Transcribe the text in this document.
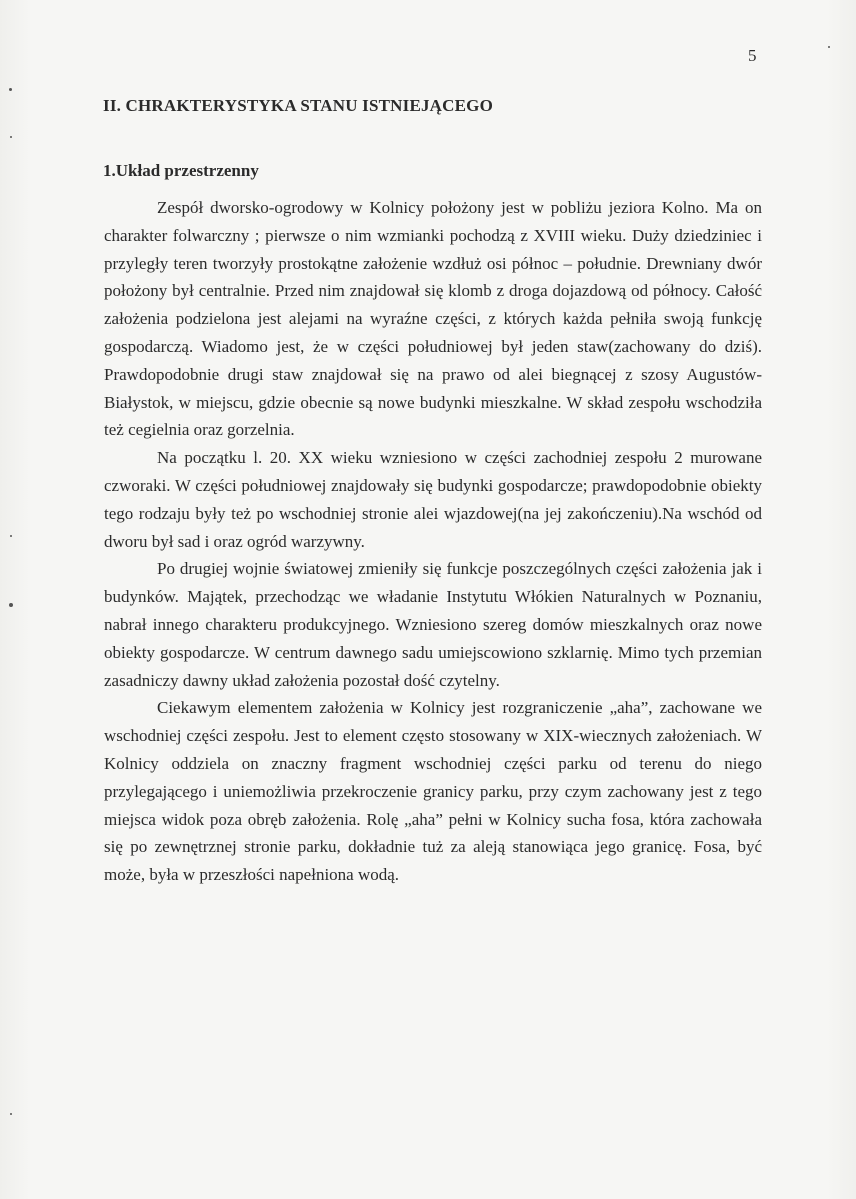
5
II. CHRAKTERYSTYKA STANU ISTNIEJĄCEGO
1.Układ przestrzenny

Zespół dworsko-ogrodowy w Kolnicy położony jest w pobliżu jeziora Kolno. Ma on charakter folwarczny ; pierwsze o nim wzmianki pochodzą z XVIII wieku. Duży dziedziniec i przyległy teren tworzyły prostokątne założenie wzdłuż osi północ – południe. Drewniany dwór położony był centralnie. Przed nim znajdował się klomb z droga dojazdową od północy. Całość założenia podzielona jest alejami na wyraźne części, z których każda pełniła swoją funkcję gospodarczą. Wiadomo jest, że w części południowej był jeden staw(zachowany do dziś). Prawdopodobnie drugi staw znajdował się na prawo od alei biegnącej z szosy Augustów-Białystok, w miejscu, gdzie obecnie są nowe budynki mieszkalne. W skład zespołu wschodziła też cegielnia oraz gorzelnia.

Na początku l. 20. XX wieku wzniesiono w części zachodniej zespołu 2 murowane czworaki. W części południowej znajdowały się budynki gospodarcze; prawdopodobnie obiekty tego rodzaju były też po wschodniej stronie alei wjazdowej(na jej zakończeniu).Na wschód od dworu był sad i oraz ogród warzywny.

Po drugiej wojnie światowej zmieniły się funkcje poszczególnych części założenia jak i budynków. Majątek, przechodząc we władanie Instytutu Włókien Naturalnych w Poznaniu, nabrał innego charakteru produkcyjnego. Wzniesiono szereg domów mieszkalnych oraz nowe obiekty gospodarcze. W centrum dawnego sadu umiejscowiono szklarnię. Mimo tych przemian zasadniczy dawny układ założenia pozostał dość czytelny.

Ciekawym elementem założenia w Kolnicy jest rozgraniczenie „aha”, zachowane we wschodniej części zespołu. Jest to element często stosowany w XIX-wiecznych założeniach. W Kolnicy oddziela on znaczny fragment wschodniej części parku od terenu do niego przylegającego i uniemożliwia przekroczenie granicy parku, przy czym zachowany jest z tego miejsca widok poza obręb założenia. Rolę „aha” pełni w Kolnicy sucha fosa, która zachowała się po zewnętrznej stronie parku, dokładnie tuż za aleją stanowiąca jego granicę. Fosa, być może, była w przeszłości napełniona wodą.
